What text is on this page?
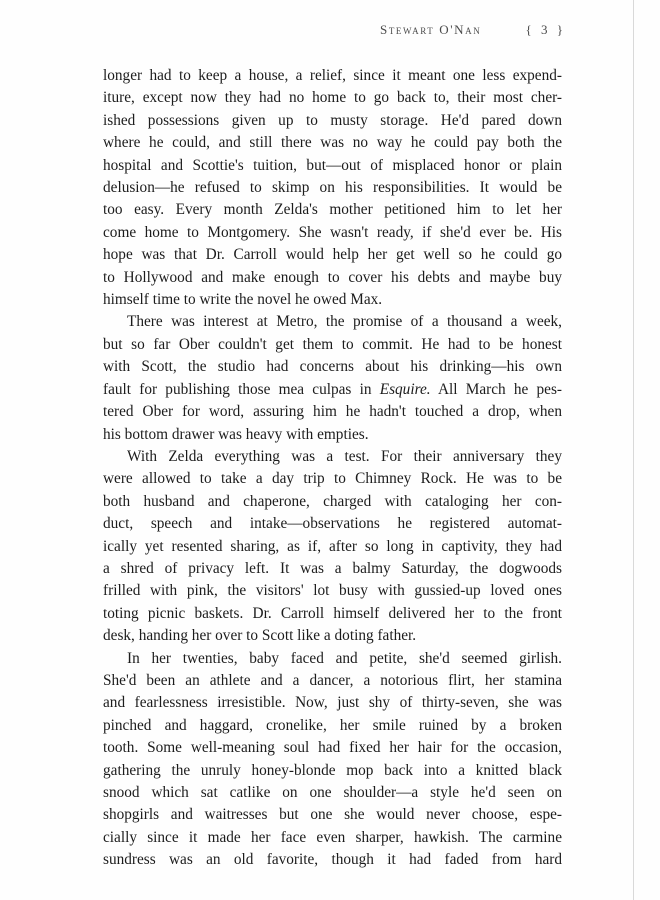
Stewart O'Nan	{ 3 }

longer had to keep a house, a relief, since it meant one less expend-
iture, except now they had no home to go back to, their most cher-
ished possessions given up to musty storage. He'd pared down
where he could, and still there was no way he could pay both the
hospital and Scottie's tuition, but—out of misplaced honor or plain
delusion—he refused to skimp on his responsibilities. It would be
too easy. Every month Zelda's mother petitioned him to let her
come home to Montgomery. She wasn't ready, if she'd ever be. His
hope was that Dr. Carroll would help her get well so he could go
to Hollywood and make enough to cover his debts and maybe buy
himself time to write the novel he owed Max.

There was interest at Metro, the promise of a thousand a week,
but so far Ober couldn't get them to commit. He had to be honest
with Scott, the studio had concerns about his drinking—his own
fault for publishing those mea culpas in Esquire. All March he pes-
tered Ober for word, assuring him he hadn't touched a drop, when
his bottom drawer was heavy with empties.

With Zelda everything was a test. For their anniversary they
were allowed to take a day trip to Chimney Rock. He was to be
both husband and chaperone, charged with cataloging her con-
duct, speech and intake—observations he registered automat-
ically yet resented sharing, as if, after so long in captivity, they had
a shred of privacy left. It was a balmy Saturday, the dogwoods
frilled with pink, the visitors' lot busy with gussied-up loved ones
toting picnic baskets. Dr. Carroll himself delivered her to the front
desk, handing her over to Scott like a doting father.

In her twenties, baby faced and petite, she'd seemed girlish.
She'd been an athlete and a dancer, a notorious flirt, her stamina
and fearlessness irresistible. Now, just shy of thirty-seven, she was
pinched and haggard, cronelike, her smile ruined by a broken
tooth. Some well-meaning soul had fixed her hair for the occasion,
gathering the unruly honey-blonde mop back into a knitted black
snood which sat catlike on one shoulder—a style he'd seen on
shopgirls and waitresses but one she would never choose, espe-
cially since it made her face even sharper, hawkish. The carmine
sundress was an old favorite, though it had faded from hard
